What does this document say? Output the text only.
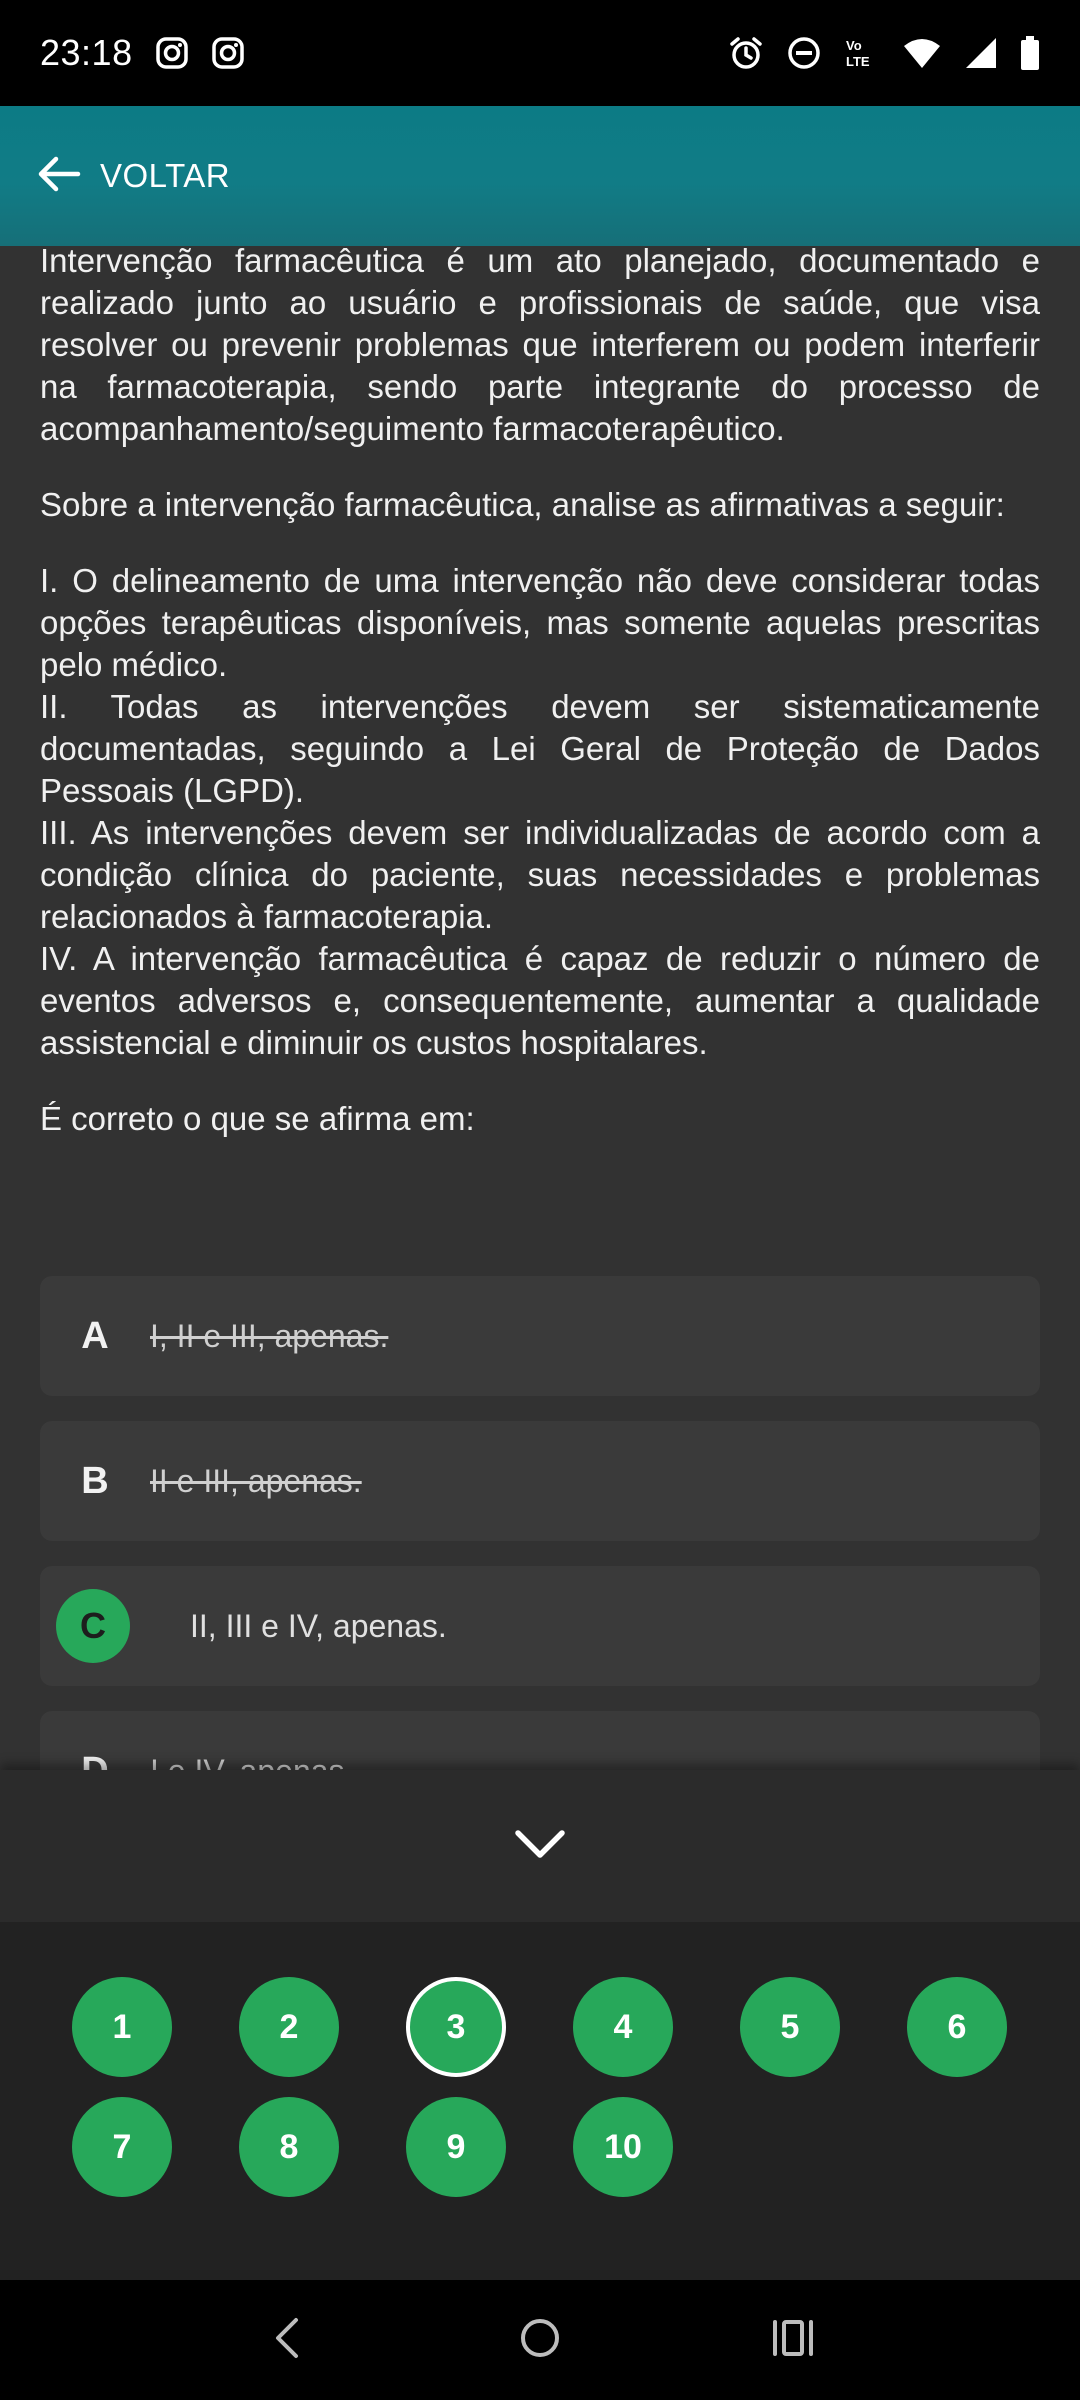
23:18	Vo
LTE
VOLTAR

Intervenção farmacêutica é um ato planejado, documentado e realizado junto ao usuário e profissionais de saúde, que visa resolver ou prevenir problemas que interferem ou podem interferir na farmacoterapia, sendo parte integrante do processo de acompanhamento/seguimento farmacoterapêutico.

Sobre a intervenção farmacêutica, analise as afirmativas a seguir:

I. O delineamento de uma intervenção não deve considerar todas opções terapêuticas disponíveis, mas somente aquelas prescritas pelo médico.

II. Todas as intervenções devem ser sistematicamente documentadas, seguindo a Lei Geral de Proteção de Dados Pessoais (LGPD).

III. As intervenções devem ser individualizadas de acordo com a condição clínica do paciente, suas necessidades e problemas relacionados à farmacoterapia.

IV. A intervenção farmacêutica é capaz de reduzir o número de eventos adversos e, consequentemente, aumentar a qualidade assistencial e diminuir os custos hospitalares.

É correto o que se afirma em:

A	I, II e III, apenas.
B	II e III, apenas.
C	II, III e IV, apenas.
1	2	3	4	5	6
7	8	9	10
